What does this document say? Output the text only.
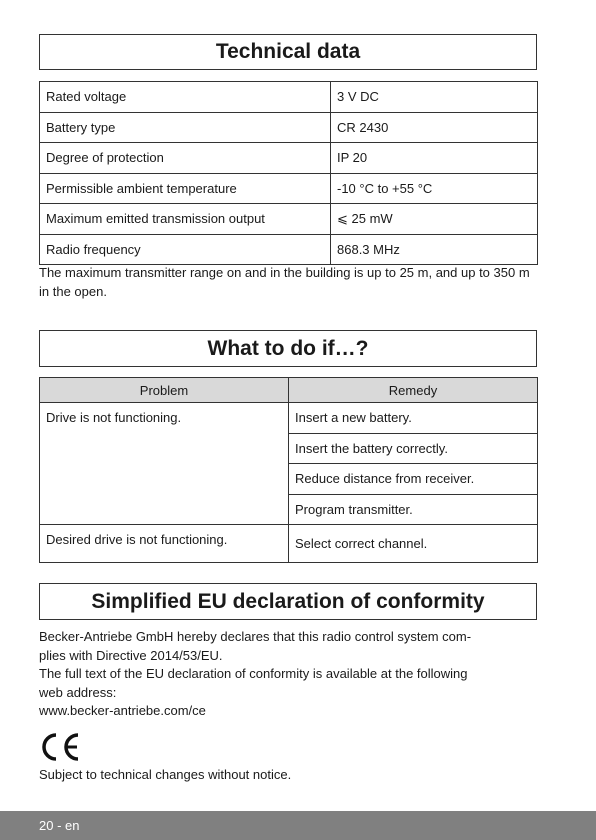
Technical data
Rated voltage	3 V DC
Battery type	CR 2430
Degree of protection	IP 20
Permissible ambient temperature	-10 °C to +55 °C
Maximum emitted transmission output	⩽ 25 mW
Radio frequency	868.3 MHz

The maximum transmitter range on and in the building is up to 25 m, and up to 350 m in the open.

What to do if…?
Problem	Remedy
Drive is not functioning.	Insert a new battery.
	Insert the battery correctly.
	Reduce distance from receiver.
	Program transmitter.
Desired drive is not functioning.	Select correct channel.
Simplified EU declaration of conformity
Becker-Antriebe GmbH hereby declares that this radio control system com-
plies with Directive 2014/53/EU.
The full text of the EU declaration of conformity is available at the following
web address:
www.becker-antriebe.com/ce

Subject to technical changes without notice.

20 - en
